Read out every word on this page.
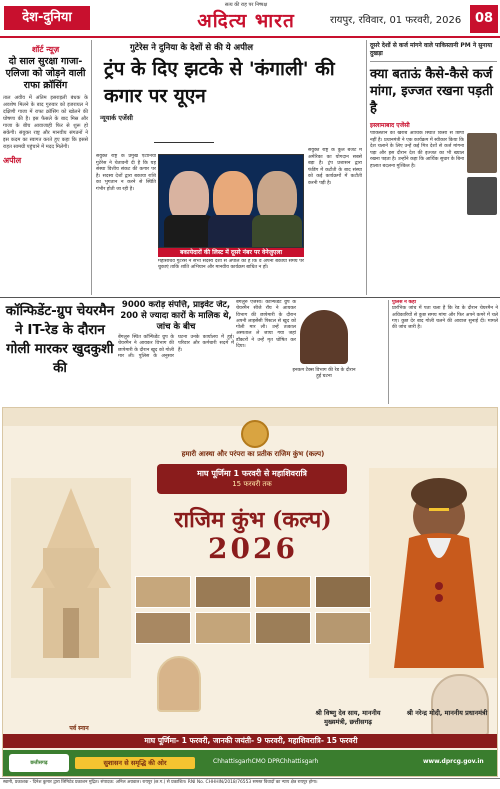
देश-दुनिया
सत्य की राह पर निष्पक्ष
अदित्य भारत	रायपुर, रविवार, 01 फरवरी, 2026	08
शॉर्ट न्यूज़
दो साल सुरक्षा गाजा-एलिजा को जोड़ने वाली राफा क्रॉसिंग
ताल अवीव में अंतिम इसराइली बंधक के अवशेष मिलने के बाद गुरुवार को इजरायल ने दक्षिणी गाजा में राफा क्रॉसिंग को खोलने की घोषणा की है। इस फैसले के बाद मिस्र और गाजा के बीच आवाजाही फिर से शुरू हो सकेगी। संयुक्त राष्ट्र और मानवीय संगठनों ने इस कदम का स्वागत करते हुए कहा कि इससे राहत सामग्री पहुंचाने में मदद मिलेगी।
अपील
गुटेरेस ने दुनिया के देशों से की ये अपील
ट्रंप के दिए झटके से 'कंगाली' की कगार पर यूएन
न्यूयार्क एजेंसी
संयुक्त राष्ट्र के प्रमुख एंटोनियो गुटेरेस ने चेतावनी दी है कि यह संस्था वित्तीय संकट की कगार पर है। सदस्य देशों द्वारा बकाया राशि का भुगतान न करने से स्थिति गंभीर होती जा रही है।
बकायेदारों की लिस्ट में दूसरे नंबर पर वेनेजुएला
महासचिव गुटेरेस ने सभी सदस्य देशों से अपील की है कि वे अपना बकाया समय पर चुकाएं ताकि शांति अभियान और मानवीय कार्यक्रम बाधित न हों।
संयुक्त राष्ट्र के कुल बजट में अमेरिका का योगदान सबसे बड़ा है। ट्रंप प्रशासन द्वारा फंडिंग में कटौती के बाद संस्था को कई कार्यक्रमों में कटौती करनी पड़ी है।
दूसरे देशों से कर्ज मांगने वाले पाकिस्तानी PM ने सुनाया दुखड़ा
क्या बताऊं कैसे-कैसे कर्ज मांगा, इज्जत रखना पड़ती है
इस्लामाबाद एजेंसी
पाकिस्तान की खराब आर्थिक स्थिति किसी से छिपी नहीं है। प्रधानमंत्री ने एक कार्यक्रम में स्वीकार किया कि देश चलाने के लिए उन्हें कई मित्र देशों से कर्ज मांगना पड़ा और इस दौरान देश की इज्जत का भी ख्याल रखना पड़ता है। उन्होंने कहा कि आर्थिक सुधार के बिना हालात बदलना मुश्किल है।
कॉन्फिडेंट-ग्रुप चेयरमैन ने IT-रेड के दौरान गोली मारकर खुदकुशी की
9000 करोड़ संपत्ति, प्राइवेट जेट, 200 से ज्यादा कारों के मालिक थे, जांच के बीच
बेंगलुरु स्थित कॉन्फिडेंट ग्रुप के चेयरमैन ने आयकर विभाग की छापेमारी के दौरान खुद को गोली मार ली। पुलिस के अनुसार घटना उनके कार्यालय में हुई। परिवार और कर्मचारी सदमे में हैं।
बेंगलुरु एजेंसी। कॉन्फिडेंट ग्रुप के चेयरमैन सीजे रॉय ने आयकर विभाग की छापेमारी के दौरान अपनी लाइसेंसी पिस्टल से खुद को गोली मार ली। उन्हें तत्काल अस्पताल ले जाया गया जहां डॉक्टरों ने उन्हें मृत घोषित कर दिया।
इनकम टैक्स विभाग की रेड के दौरान हुई घटना
पुलिस ने कहा
प्रारंभिक जांच में पता चला है कि रेड के दौरान चेयरमैन ने अधिकारियों से कुछ समय मांगा और फिर अपने कमरे में चले गए। कुछ देर बाद गोली चलने की आवाज सुनाई दी। मामले की जांच जारी है।
हमारी आस्था और परंपरा का प्रतीक राजिम कुंभ (कल्प)
माघ पूर्णिमा 1 फरवरी से महाशिवरात्रि
15 फरवरी तक
राजिम कुंभ (कल्प)
2026
श्री विष्णु देव साय, माननीय मुख्यमंत्री, छत्तीसगढ़
श्री नरेन्द्र मोदी, माननीय प्रधानमंत्री
पर्व स्नान
माघ पूर्णिमा- 1 फरवरी, जानकी जयंती- 9 फरवरी, महाशिवरात्रि- 15 फरवरी
छत्तीसगढ़	सुशासन से समृद्धि की ओर	ChhattisgarhCMO DPRChhattisgarh	www.dprcg.gov.in
स्वामी, प्रकाशक - दिनेश कुमार द्वारा लिमिटेड प्रकाशन मुद्रित। संपादक: अनिल अग्रवाल। रायपुर (छ.ग.) से प्रकाशित। RNI No. CHHHIN/2018/76553 समस्त विवादों का न्याय क्षेत्र रायपुर होगा।
